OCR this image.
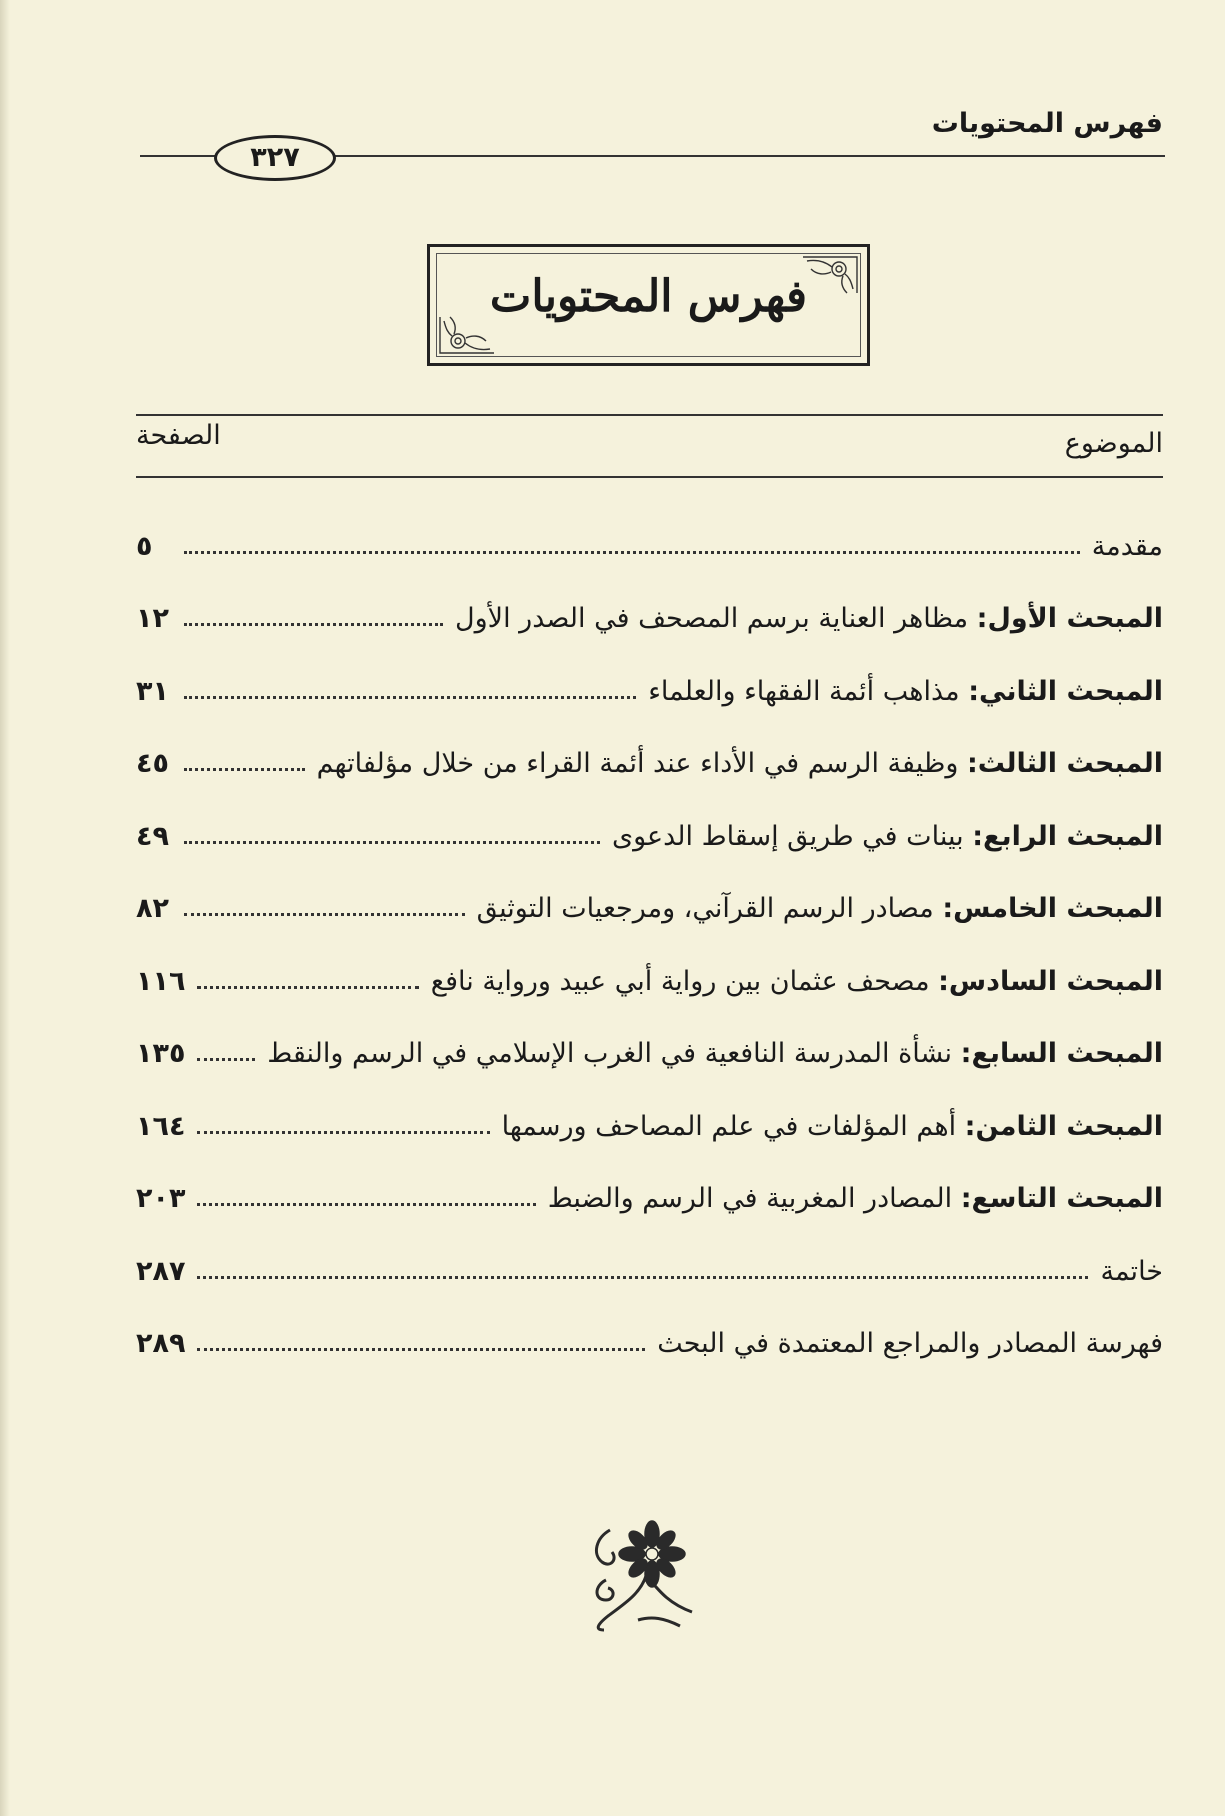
فهرس المحتويات
٣٢٧
فهرس المحتويات
الموضوع
الصفحة
مقدمة
٥
المبحث الأول: مظاهر العناية برسم المصحف في الصدر الأول
١٢
المبحث الثاني: مذاهب أئمة الفقهاء والعلماء
٣١
المبحث الثالث: وظيفة الرسم في الأداء عند أئمة القراء من خلال مؤلفاتهم
٤٥
المبحث الرابع: بينات في طريق إسقاط الدعوى
٤٩
المبحث الخامس: مصادر الرسم القرآني، ومرجعيات التوثيق
٨٢
المبحث السادس: مصحف عثمان بين رواية أبي عبيد ورواية نافع
١١٦
المبحث السابع: نشأة المدرسة النافعية في الغرب الإسلامي في الرسم والنقط
١٣٥
المبحث الثامن: أهم المؤلفات في علم المصاحف ورسمها
١٦٤
المبحث التاسع: المصادر المغربية في الرسم والضبط
٢٠٣
خاتمة
٢٨٧
فهرسة المصادر والمراجع المعتمدة في البحث
٢٨٩
